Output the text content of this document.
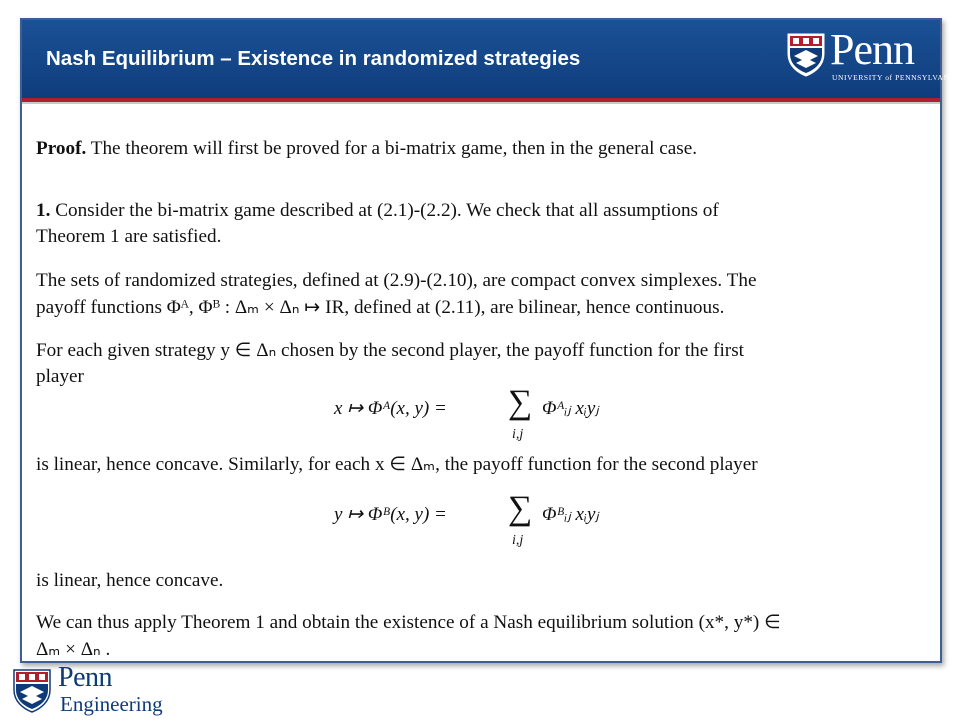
Nash Equilibrium – Existence in randomized strategies	Penn
UNIVERSITY of PENNSYLVANIA

Proof. The theorem will first be proved for a bi-matrix game, then in the general case.

1. Consider the bi-matrix game described at (2.1)-(2.2). We check that all assumptions of

Theorem 1 are satisfied.

The sets of randomized strategies, defined at (2.9)-(2.10), are compact convex simplexes. The

payoff functions Φᴬ, Φᴮ : Δₘ × Δₙ ↦ IR, defined at (2.11), are bilinear, hence continuous.

For each given strategy y ∈ Δₙ chosen by the second player, the payoff function for the first

player

x ↦ Φᴬ(x, y) = ∑
i,j
Φᴬᵢⱼ xᵢyⱼ

is linear, hence concave. Similarly, for each x ∈ Δₘ, the payoff function for the second player

y ↦ Φᴮ(x, y) = ∑
i,j
Φᴮᵢⱼ xᵢyⱼ

is linear, hence concave.

We can thus apply Theorem 1 and obtain the existence of a Nash equilibrium solution (x*, y*) ∈

Δₘ × Δₙ .

Penn
Engineering
